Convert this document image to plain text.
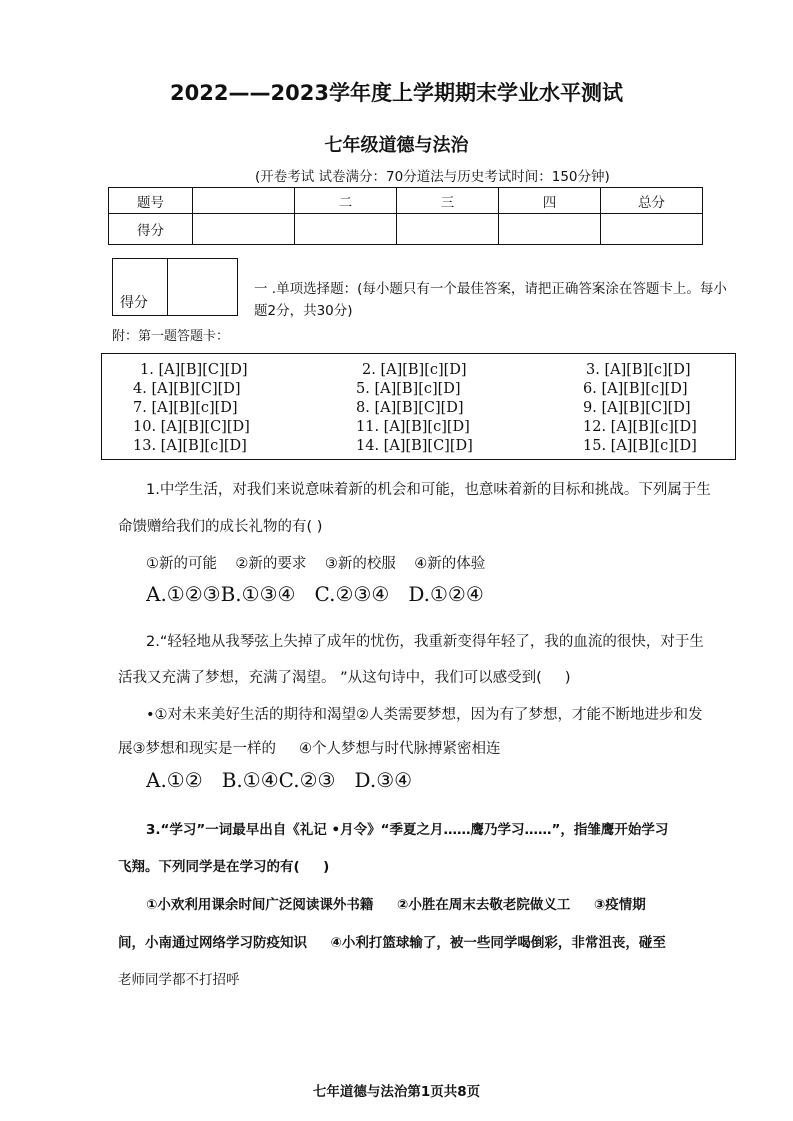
2022——2023学年度上学期期末学业水平测试
七年级道德与法治
(开卷考试 试卷满分：70分道法与历史考试时间：150分钟)
题号		二	三	四	总分
得分					
得分
一 .单项选择题：(每小题只有一个最佳答案，请把正确答案涂在答题卡上。每小题2分，共30分)
附：第一题答题卡：
1. [A][B][C][D]	2. [A][B][c][D]	3. [A][B][c][D]
4. [A][B][C][D]	5. [A][B][c][D]	6. [A][B][c][D]
7. [A][B][c][D]	8. [A][B][C][D]	9. [A][B][C][D]
10. [A][B][C][D]	11. [A][B][c][D]	12. [A][B][c][D]
13. [A][B][c][D]	14. [A][B][C][D]	15. [A][B][c][D]
1.中学生活，对我们来说意味着新的机会和可能，也意味着新的目标和挑战。下列属于生
命馈赠给我们的成长礼物的有( )
①新的可能    ②新的要求    ③新的校服    ④新的体验
A.①②③B.①③④   C.②③④   D.①②④
2.“轻轻地从我琴弦上失掉了成年的忧伤，我重新变得年轻了，我的血流的很快，对于生
活我又充满了梦想，充满了渴望。 ”从这句诗中，我们可以感受到(     )
•①对未来美好生活的期待和渴望②人类需要梦想，因为有了梦想，才能不断地进步和发
展③梦想和现实是一样的     ④个人梦想与时代脉搏紧密相连
A.①②   B.①④C.②③   D.③④
3.“学习”一词最早出自《礼记 •月令》“季夏之月……鹰乃学习……”，指雏鹰开始学习
飞翔。下列同学是在学习的有(     )
①小欢利用课余时间广泛阅读课外书籍     ②小胜在周末去敬老院做义工     ③疫情期
间，小南通过网络学习防疫知识     ④小利打篮球输了，被一些同学喝倒彩，非常沮丧，碰至
老师同学都不打招呼
七年道德与法治第1页共8页
